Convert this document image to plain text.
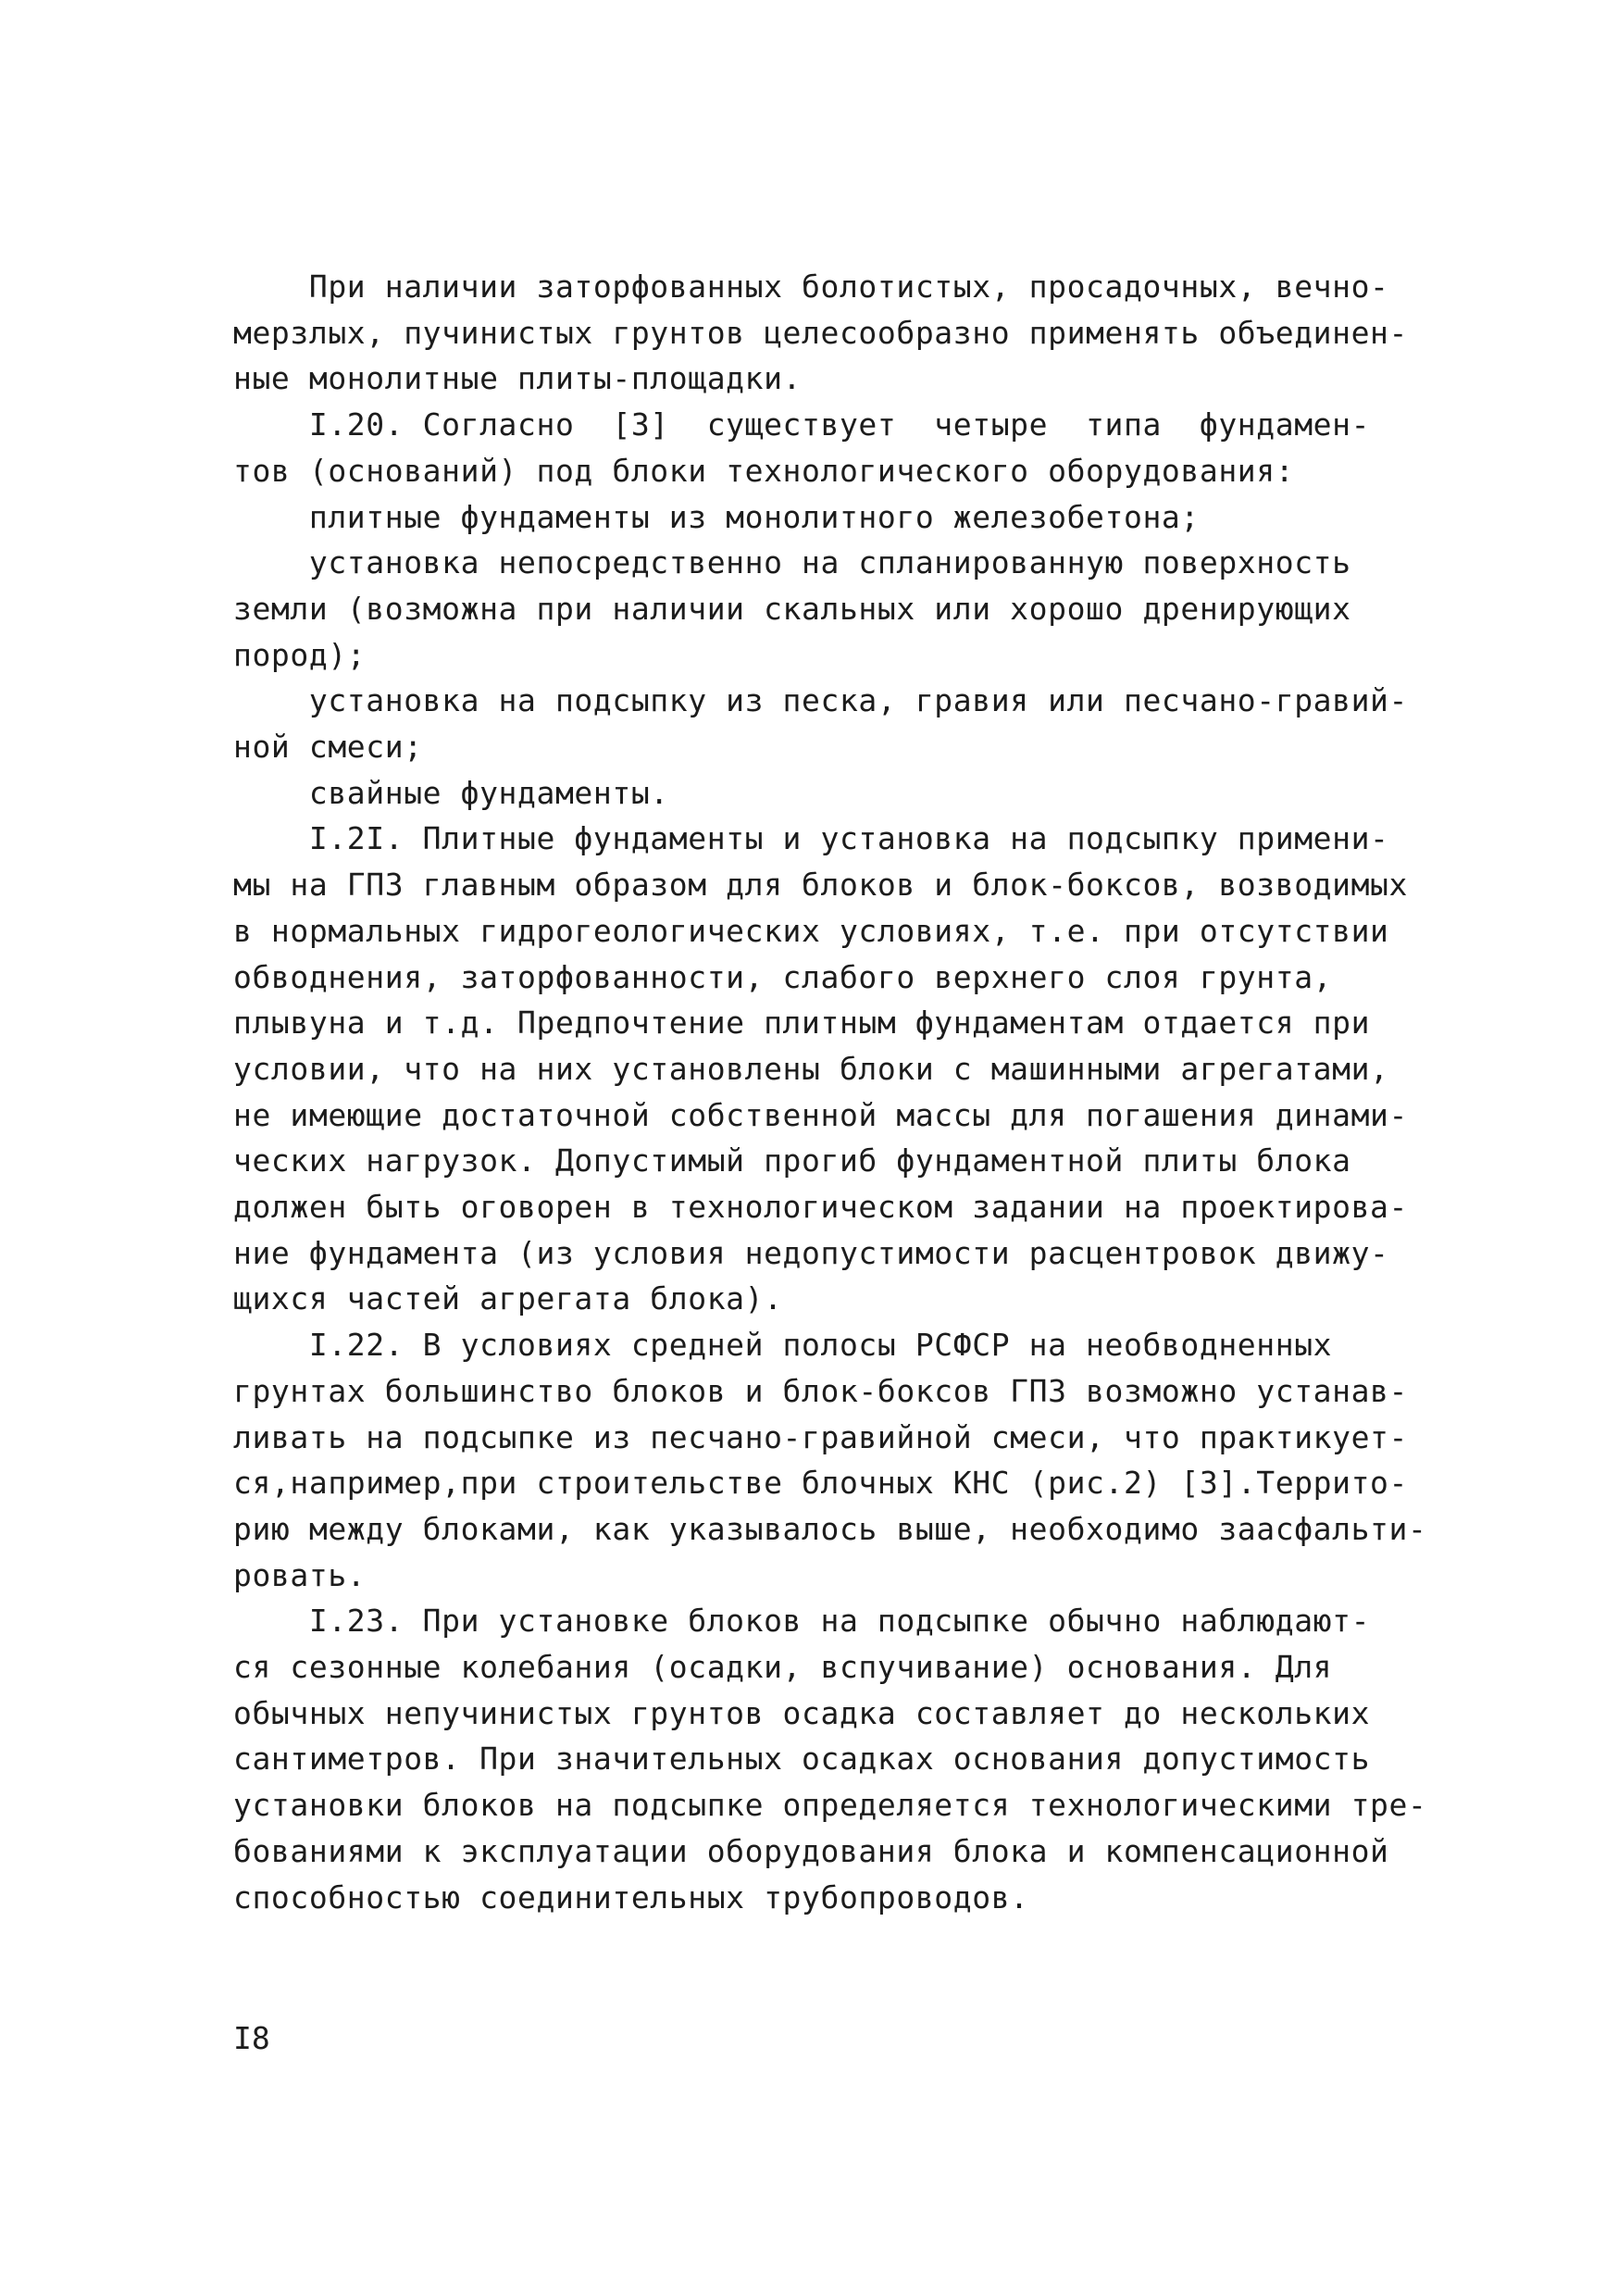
При наличии заторфованных болотистых, просадочных, вечно-
мерзлых, пучинистых грунтов целесообразно применять объединен-
ные монолитные плиты-площадки.
I.20. Согласно  [3]  существует  четыре  типа  фундамен-
тов (оснований) под блоки технологического оборудования:
плитные фундаменты из монолитного железобетона;
установка непосредственно на спланированную поверхность
земли (возможна при наличии скальных или хорошо дренирующих
пород);
установка на подсыпку из песка, гравия или песчано-гравий-
ной смеси;
свайные фундаменты.
I.2I. Плитные фундаменты и установка на подсыпку примени-
мы на ГПЗ главным образом для блоков и блок-боксов, возводимых
в нормальных гидрогеологических условиях, т.е. при отсутствии
обводнения, заторфованности, слабого верхнего слоя грунта,
плывуна и т.д. Предпочтение плитным фундаментам отдается при
условии, что на них установлены блоки с машинными агрегатами,
не имеющие достаточной собственной массы для погашения динами-
ческих нагрузок. Допустимый прогиб фундаментной плиты блока
должен быть оговорен в технологическом задании на проектирова-
ние фундамента (из условия недопустимости расцентровок движу-
щихся частей агрегата блока).
I.22. В условиях средней полосы РСФСР на необводненных
грунтах большинство блоков и блок-боксов ГПЗ возможно устанав-
ливать на подсыпке из песчано-гравийной смеси, что практикует-
ся,например,при строительстве блочных КНС (рис.2) [3].Террито-
рию между блоками, как указывалось выше, необходимо заасфальти-
ровать.
I.23. При установке блоков на подсыпке обычно наблюдают-
ся сезонные колебания (осадки, вспучивание) основания. Для
обычных непучинистых грунтов осадка составляет до нескольких
сантиметров. При значительных осадках основания допустимость
установки блоков на подсыпке определяется технологическими тре-
бованиями к эксплуатации оборудования блока и компенсационной
способностью соединительных трубопроводов.
I8
